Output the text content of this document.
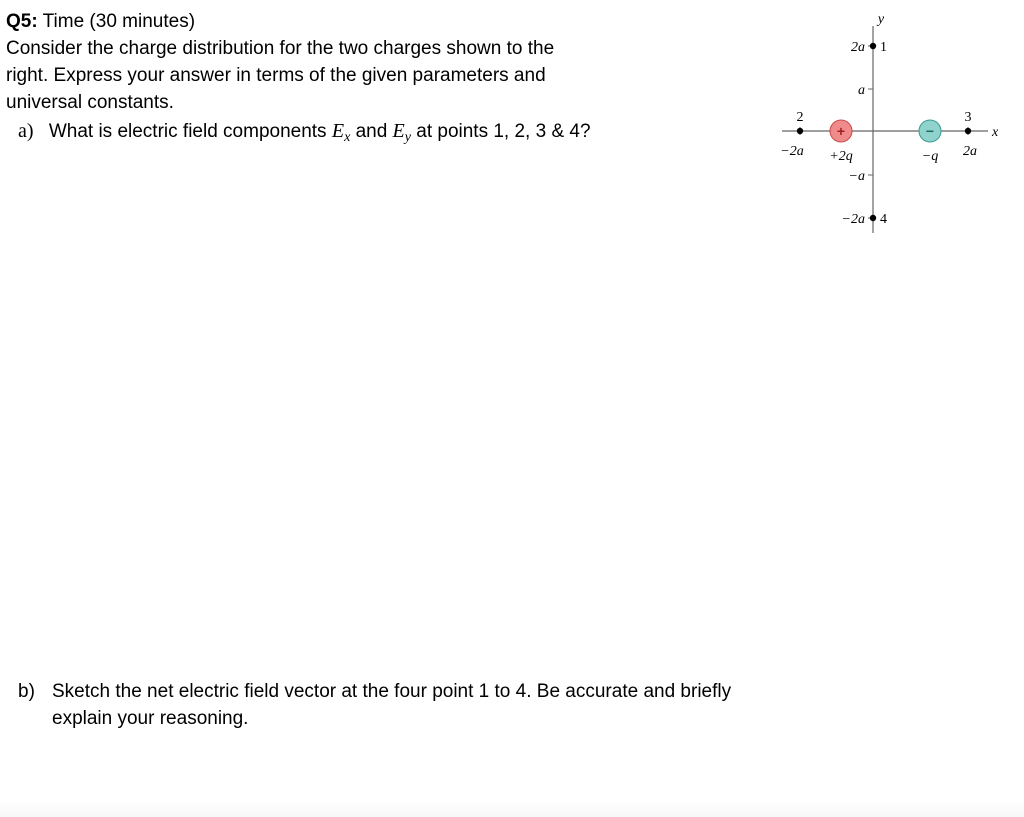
Q5: Time (30 minutes)
Consider the charge distribution for the two charges shown to the
right. Express your answer in terms of the given parameters and
universal constants.
a) What is electric field components $E_x$ and $E_y$ at points 1, 2, 3 & 4?
y
x
2a
a
−a
−2a
1
4
2
−2a
3
2a
+
+2q
−
−q
b) Sketch the net electric field vector at the four point 1 to 4. Be accurate and briefly
explain your reasoning.
